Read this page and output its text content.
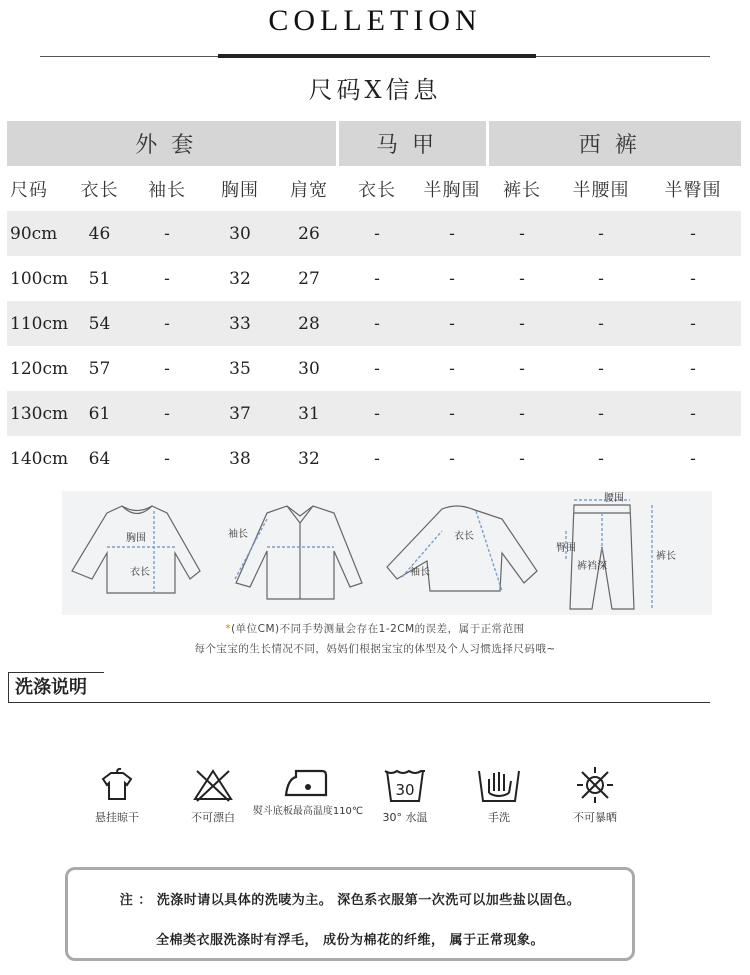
COLLETION
尺码X信息
外套					马甲		西裤		
尺码	衣长	袖长	胸围	肩宽	衣长	半胸围	裤长	半腰围	半臀围
90cm	46	-	30	26	-	-	-	-	-
100cm	51	-	32	27	-	-	-	-	-
110cm	54	-	33	28	-	-	-	-	-
120cm	57	-	35	30	-	-	-	-	-
130cm	61	-	37	31	-	-	-	-	-
140cm	64	-	38	32	-	-	-	-	-
胸围
衣长
袖长	衣长
袖长
腰围
臀围
裤裆深
裤长
*(单位CM)不同手势测量会存在1-2CM的误差，属于正常范围
每个宝宝的生长情况不同，妈妈们根据宝宝的体型及个人习惯选择尺码哦~
洗涤说明
悬挂晾干	不可漂白	熨斗底板最高温度110℃
30
30° 水温	手洗	不可暴晒
注 ： 洗涤时请以具体的洗唛为主。 深色系衣服第一次洗可以加些盐以固色。
全棉类衣服洗涤时有浮毛， 成份为棉花的纤维， 属于正常现象。
